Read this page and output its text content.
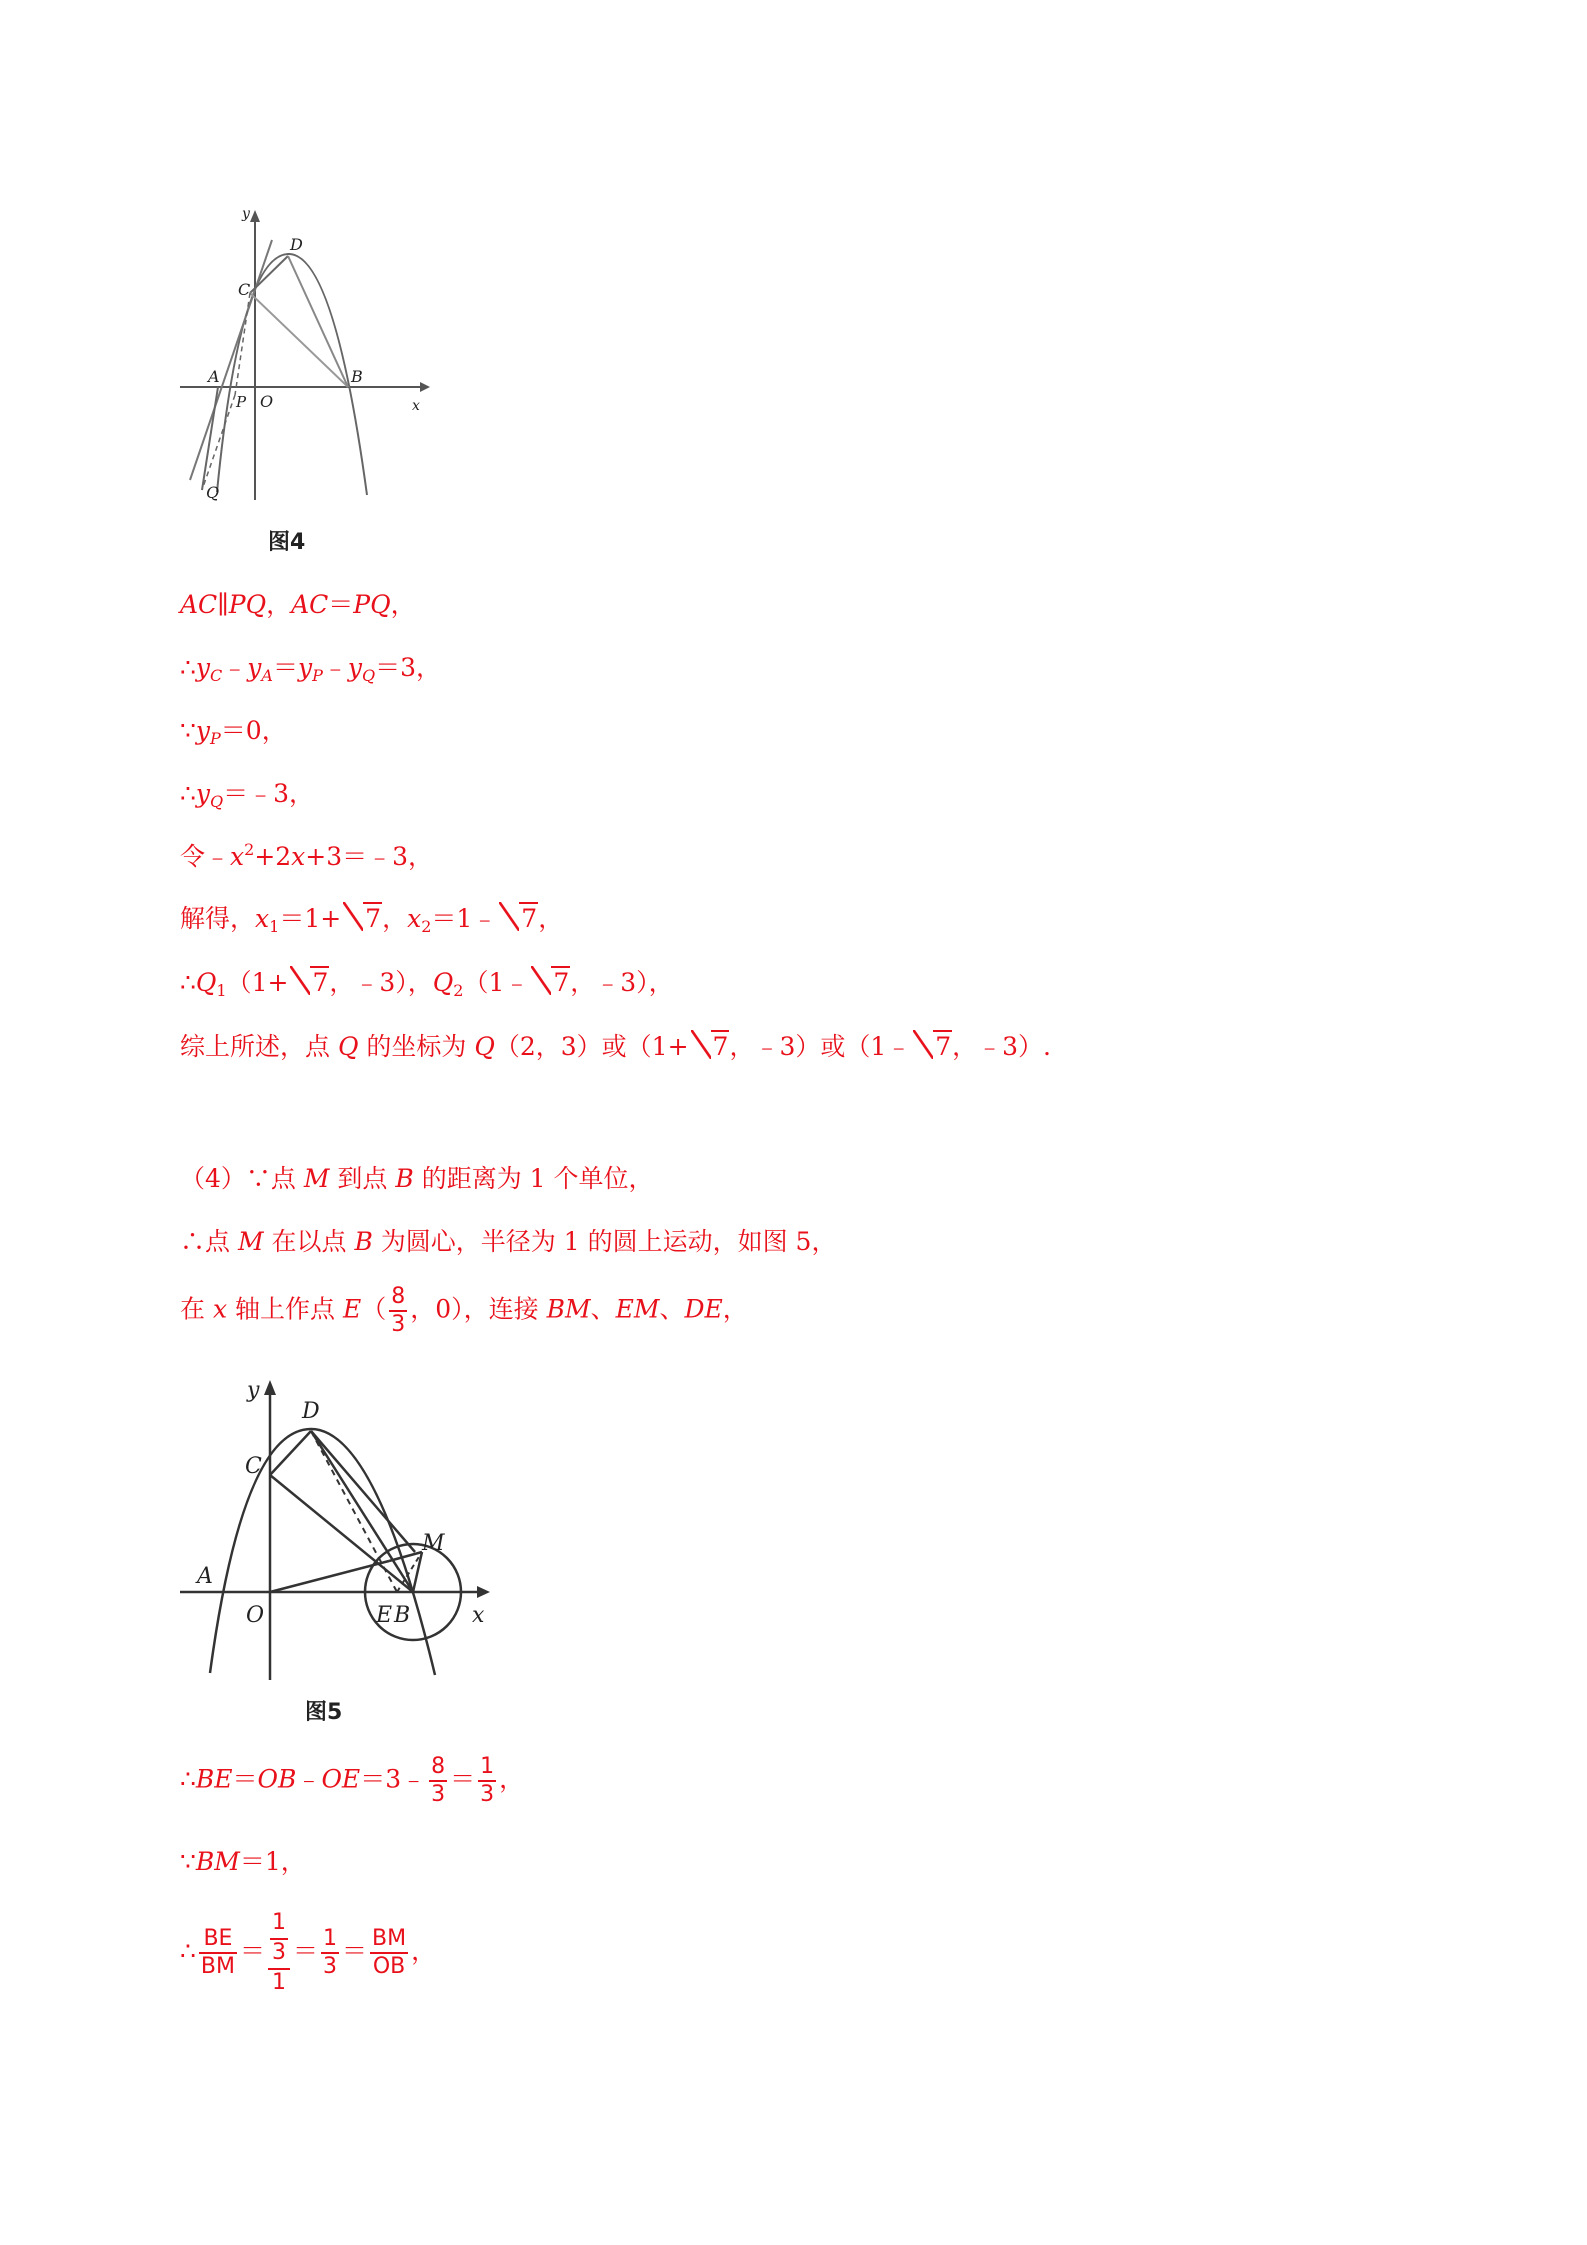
y
x
D
C
A
P O
B
Q
图4
AC∥PQ，AC＝PQ，
$\therefore y_C﹣y_A=y_P﹣y_Q=3$，
$\because y_P=0$，
$\therefore y_Q=﹣3$，
令$﹣x^2+2x+3=﹣3$，
解得，$x_1=1+ 7$，$x_2=1﹣$ 7，
$\therefore Q_1(1+ 7$，﹣3），$Q_2(1﹣$ 7，﹣3），
综上所述，点 Q 的坐标为 Q（2，3）或（1+ 7，﹣3）或（1﹣ 7，﹣3）.
（4）∵点 M 到点 B 的距离为 1 个单位，
∴点 M 在以点 B 为圆心，半径为 1 的圆上运动，如图 5，
在 x 轴上作点 $E( \frac{8}{3}$ ，0），连接 BM、EM、DE，
y
x
D
C
A
O	E B
M
图5
∴BE＝OB﹣OE＝3﹣ $\frac{8}{3} = \frac{1}{3}$ ，
∵BM＝1，
∴ $\frac{BE}{BM} = \frac{\frac{1}{3}}{1} = \frac{1}{3} = \frac{BM}{OB}$ ，
